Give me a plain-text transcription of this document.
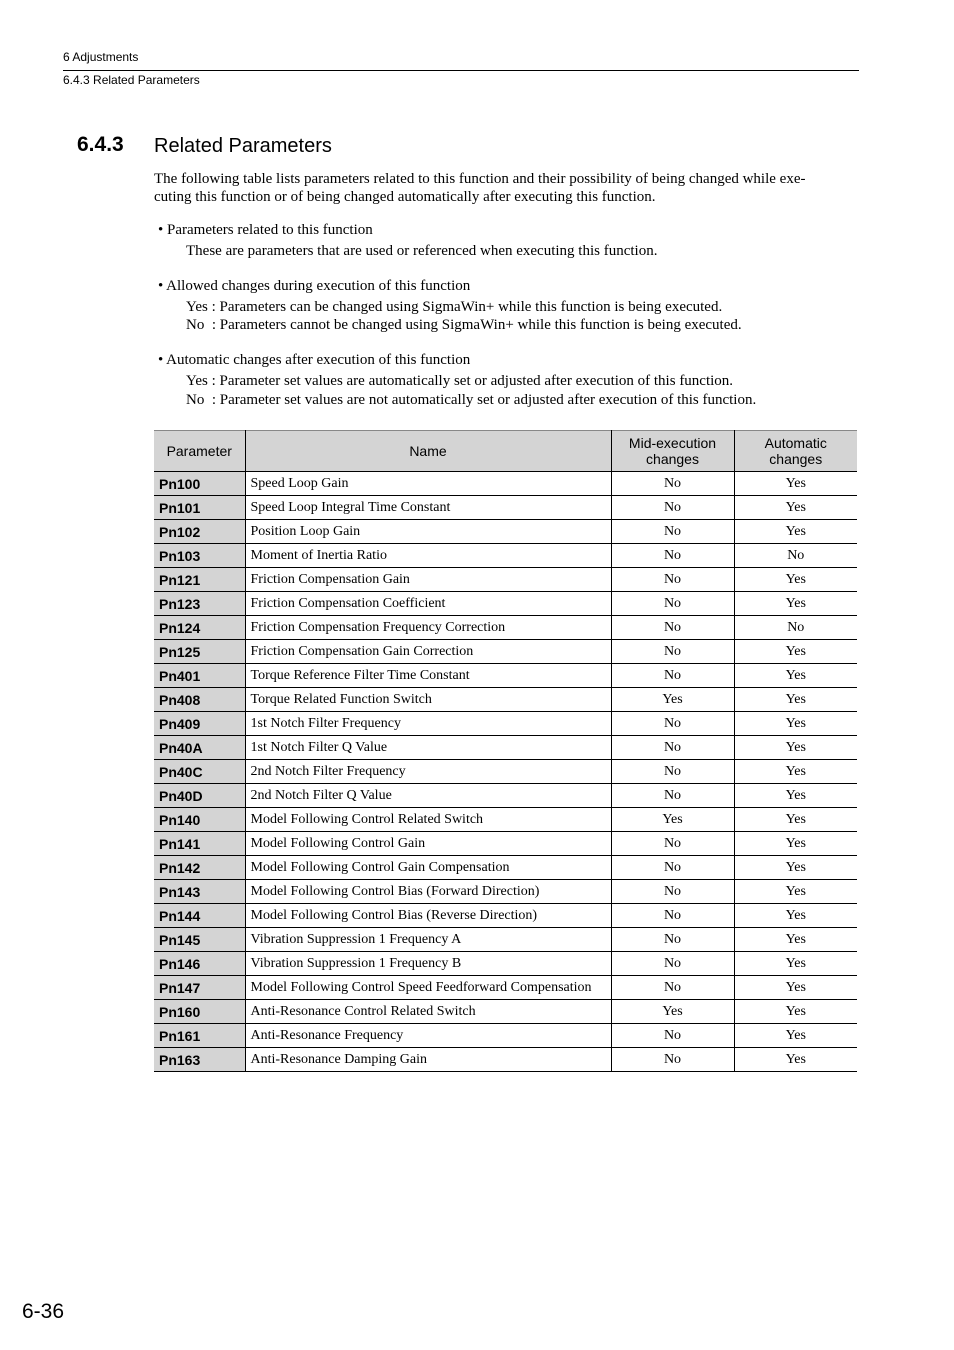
6 Adjustments
6.4.3 Related Parameters
6.4.3 Related Parameters
The following table lists parameters related to this function and their possibility of being changed while exe-
cuting this function or of being changed automatically after executing this function.
• Parameters related to this function
These are parameters that are used or referenced when executing this function.
• Allowed changes during execution of this function
Yes : Parameters can be changed using SigmaWin+ while this function is being executed.
No  : Parameters cannot be changed using SigmaWin+ while this function is being executed.
• Automatic changes after execution of this function
Yes : Parameter set values are automatically set or adjusted after execution of this function.
No  : Parameter set values are not automatically set or adjusted after execution of this function.
Parameter	Name	Mid-execution
changes	Automatic
changes
Pn100	Speed Loop Gain	No	Yes
Pn101	Speed Loop Integral Time Constant	No	Yes
Pn102	Position Loop Gain	No	Yes
Pn103	Moment of Inertia Ratio	No	No
Pn121	Friction Compensation Gain	No	Yes
Pn123	Friction Compensation Coefficient	No	Yes
Pn124	Friction Compensation Frequency Correction	No	No
Pn125	Friction Compensation Gain Correction	No	Yes
Pn401	Torque Reference Filter Time Constant	No	Yes
Pn408	Torque Related Function Switch	Yes	Yes
Pn409	1st Notch Filter Frequency	No	Yes
Pn40A	1st Notch Filter Q Value	No	Yes
Pn40C	2nd Notch Filter Frequency	No	Yes
Pn40D	2nd Notch Filter Q Value	No	Yes
Pn140	Model Following Control Related Switch	Yes	Yes
Pn141	Model Following Control Gain	No	Yes
Pn142	Model Following Control Gain Compensation	No	Yes
Pn143	Model Following Control Bias (Forward Direction)	No	Yes
Pn144	Model Following Control Bias (Reverse Direction)	No	Yes
Pn145	Vibration Suppression 1 Frequency A	No	Yes
Pn146	Vibration Suppression 1 Frequency B	No	Yes
Pn147	Model Following Control Speed Feedforward Compensation	No	Yes
Pn160	Anti-Resonance Control Related Switch	Yes	Yes
Pn161	Anti-Resonance Frequency	No	Yes
Pn163	Anti-Resonance Damping Gain	No	Yes
6-36
